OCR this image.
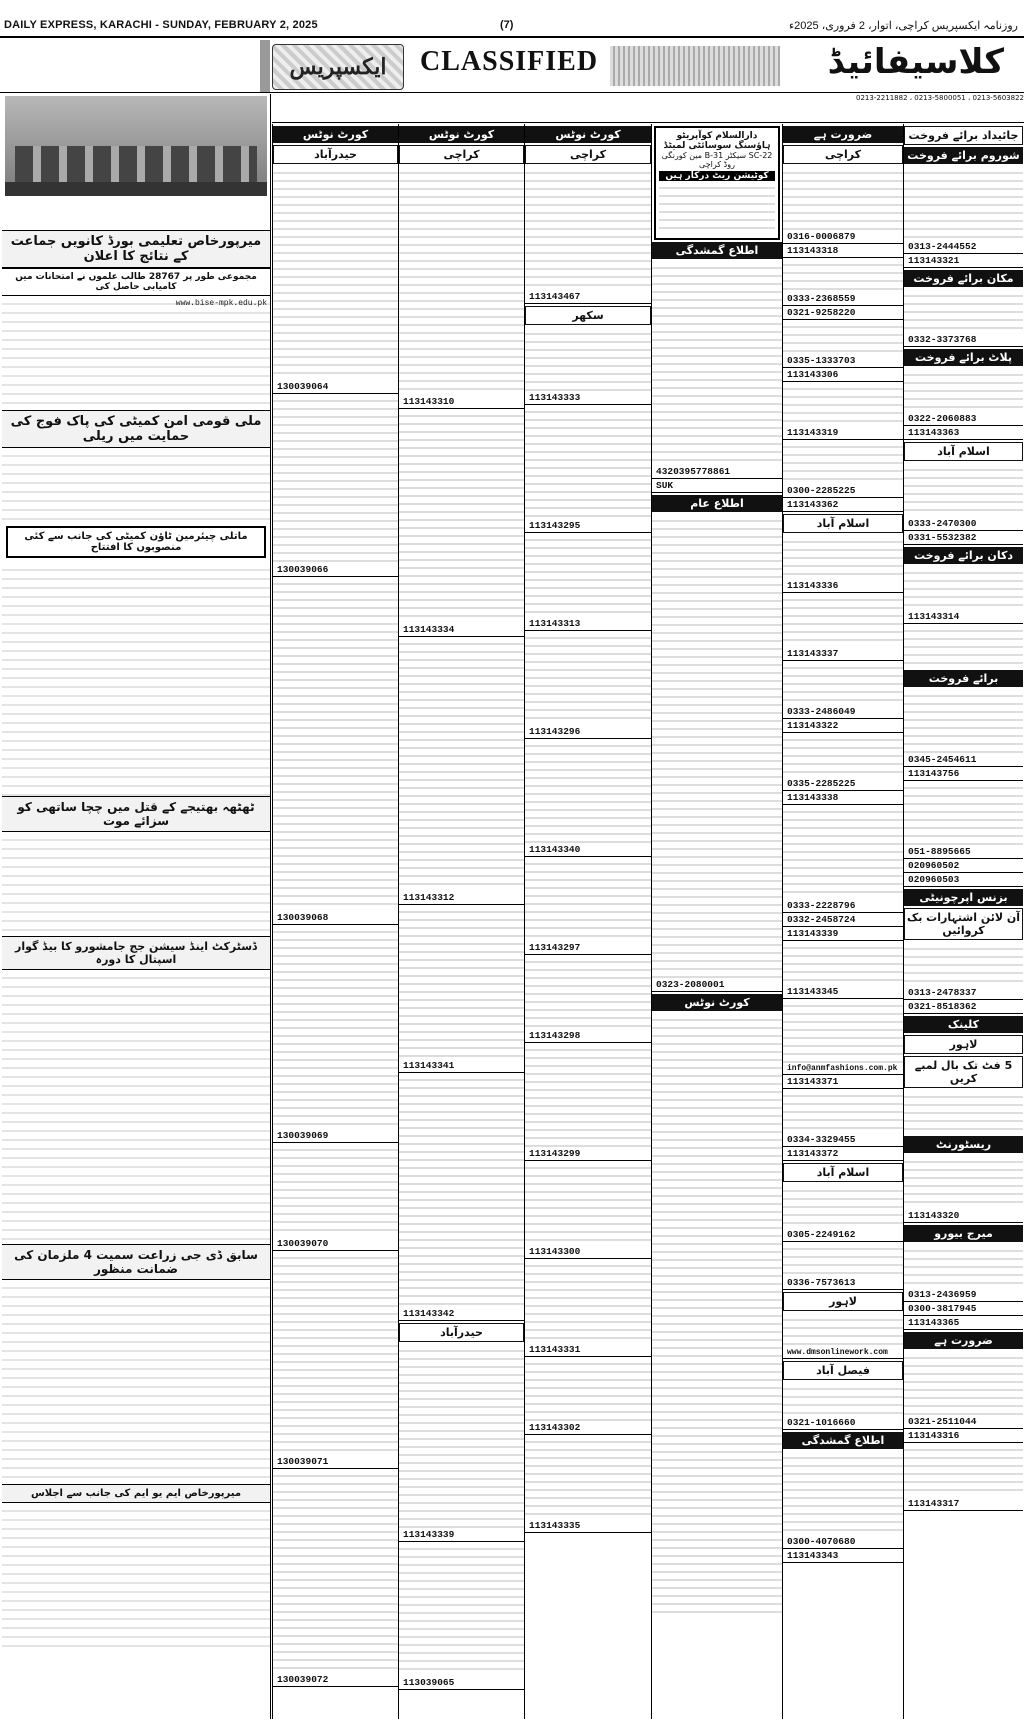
DAILY EXPRESS, KARACHI - SUNDAY, FEBRUARY 2, 2025	(7)	روزنامہ ایکسپریس کراچی، اتوار، 2 فروری، 2025ء
ایکسپریس	CLASSIFIED	کلاسیفائیڈ
0213-5603822 ، 0213-5800051 ، 0213-2211882
میرپورخاص تعلیمی بورڈ کانویں جماعت کے نتائج کا اعلان
مجموعی طور پر 28767 طالب علموں نے امتحانات میں کامیابی حاصل کی
www.bise-mpk.edu.pk
ملی قومی امن کمیٹی کی پاک فوج کی حمایت میں ریلی
ماتلی چیئرمین ٹاؤن کمیٹی کی جانب سے کئی منصوبوں کا افتتاح
ٹھٹھہ بھتیجے کے قتل میں چچا ساتھی کو سزائے موت
ڈسٹرکٹ اینڈ سیشن جج جامشورو کا بیڈ گوار اسپتال کا دورہ
سابق ڈی جی زراعت سمیت 4 ملزمان کی ضمانت منظور
میرپورخاص ایم یو ایم کی جانب سے اجلاس
کورٹ نوٹس
حیدرآباد
130039064
130039066
130039068
130039069
130039070
130039071
130039072
کورٹ نوٹس
کراچی
113143310
113143334
113143312
113143341
113143342
حیدرآباد
113143339
113039065
کورٹ نوٹس
کراچی
113143467
سکھر
113143333
113143295
113143313
113143296
113143340
113143297
113143298
113143299
113143300
113143331
113143302
113143335
دارالسلام کوآپریٹو ہاؤسنگ سوسائٹی لمیٹڈ
SC-22 سیکٹر 31-B مین کورنگی روڈ کراچی
کوٹیشن ریٹ درکار ہیں
اطلاع گمشدگی
4320395778861
SUK
اطلاع عام
0323-2080001
کورٹ نوٹس
ضرورت ہے
کراچی
0316-0006879
113143318
0333-2368559
0321-9258220
0335-1333703
113143306
113143319
0300-2285225
113143362
اسلام آباد
113143336
113143337
0333-2486049
113143322
0335-2285225
113143338
0333-2228796
0332-2458724
113143339
113143345
info@anmfashions.com.pk
113143371
0334-3329455
113143372
اسلام آباد
0305-2249162
0336-7573613
لاہور
www.dmsonlinework.com
فیصل آباد
0321-1016660
اطلاع گمشدگی
0300-4070680
113143343
جائیداد برائے فروخت
شوروم برائے فروخت
0313-2444552
113143321
مکان برائے فروخت
0332-3373768
پلاٹ برائے فروخت
0322-2060883
113143363
اسلام آباد
0333-2470300
0331-5532382
دکان برائے فروخت
113143314
برائے فروخت
0345-2454611
113143756
051-8895665
020960502
020960503
بزنس اپرچونیٹی
آن لائن اشتہارات بک کروائیں
0313-2478337
0321-8518362
کلینک
لاہور
5 فٹ تک بال لمبے کریں
ریسٹورنٹ
113143320
میرج بیورو
0313-2436959
0300-3817945
113143365
ضرورت ہے
0321-2511044
113143316
113143317
